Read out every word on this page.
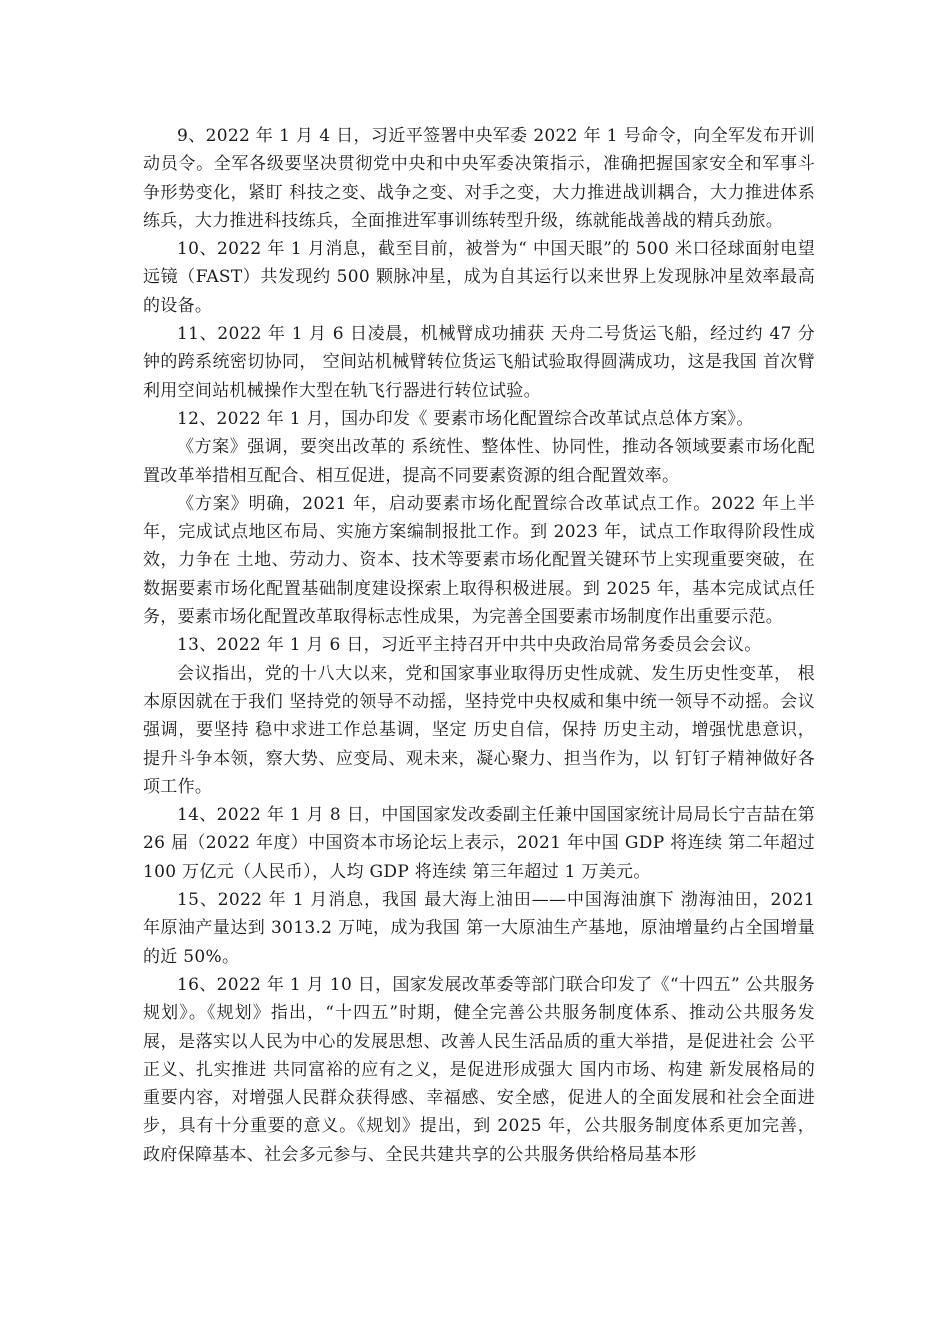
9、2022 年 1 月 4 日，习近平签署中央军委 2022 年 1 号命令，向全军发布开训动员令。全军各级要坚决贯彻党中央和中央军委决策指示，准确把握国家安全和军事斗争形势变化，紧盯 科技之变、战争之变、对手之变，大力推进战训耦合，大力推进体系练兵，大力推进科技练兵，全面推进军事训练转型升级，练就能战善战的精兵劲旅。

10、2022 年 1 月消息，截至目前，被誉为“ 中国天眼”的 500 米口径球面射电望远镜（FAST）共发现约 500 颗脉冲星，成为自其运行以来世界上发现脉冲星效率最高的设备。

11、2022 年 1 月 6 日凌晨，机械臂成功捕获 天舟二号货运飞船，经过约 47 分钟的跨系统密切协同， 空间站机械臂转位货运飞船试验取得圆满成功，这是我国 首次臂利用空间站机械操作大型在轨飞行器进行转位试验。

12、2022 年 1 月，国办印发《 要素市场化配置综合改革试点总体方案》。

《方案》强调，要突出改革的 系统性、整体性、协同性，推动各领域要素市场化配置改革举措相互配合、相互促进，提高不同要素资源的组合配置效率。

《方案》明确，2021 年，启动要素市场化配置综合改革试点工作。2022 年上半年，完成试点地区布局、实施方案编制报批工作。到 2023 年，试点工作取得阶段性成效，力争在 土地、劳动力、资本、技术等要素市场化配置关键环节上实现重要突破，在 数据要素市场化配置基础制度建设探索上取得积极进展。到 2025 年，基本完成试点任务，要素市场化配置改革取得标志性成果，为完善全国要素市场制度作出重要示范。

13、2022 年 1 月 6 日，习近平主持召开中共中央政治局常务委员会会议。

会议指出，党的十八大以来，党和国家事业取得历史性成就、发生历史性变革， 根本原因就在于我们 坚持党的领导不动摇，坚持党中央权威和集中统一领导不动摇。会议强调，要坚持 稳中求进工作总基调，坚定 历史自信，保持 历史主动，增强忧患意识，提升斗争本领，察大势、应变局、观未来，凝心聚力、担当作为，以 钉钉子精神做好各项工作。

14、2022 年 1 月 8 日，中国国家发改委副主任兼中国国家统计局局长宁吉喆在第 26 届（2022 年度）中国资本市场论坛上表示，2021 年中国 GDP 将连续 第二年超过 100 万亿元（人民币），人均 GDP 将连续 第三年超过 1 万美元。

15、2022 年 1 月消息，我国 最大海上油田——中国海油旗下 渤海油田，2021 年原油产量达到 3013.2 万吨，成为我国 第一大原油生产基地，原油增量约占全国增量的近 50%。

16、2022 年 1 月 10 日，国家发展改革委等部门联合印发了《“十四五” 公共服务规划》。《规划》指出，“十四五”时期，健全完善公共服务制度体系、推动公共服务发展，是落实以人民为中心的发展思想、改善人民生活品质的重大举措，是促进社会 公平正义、扎实推进 共同富裕的应有之义，是促进形成强大 国内市场、构建 新发展格局的重要内容，对增强人民群众获得感、幸福感、安全感，促进人的全面发展和社会全面进步，具有十分重要的意义。《规划》提出，到 2025 年，公共服务制度体系更加完善， 政府保障基本、社会多元参与、全民共建共享的公共服务供给格局基本形
